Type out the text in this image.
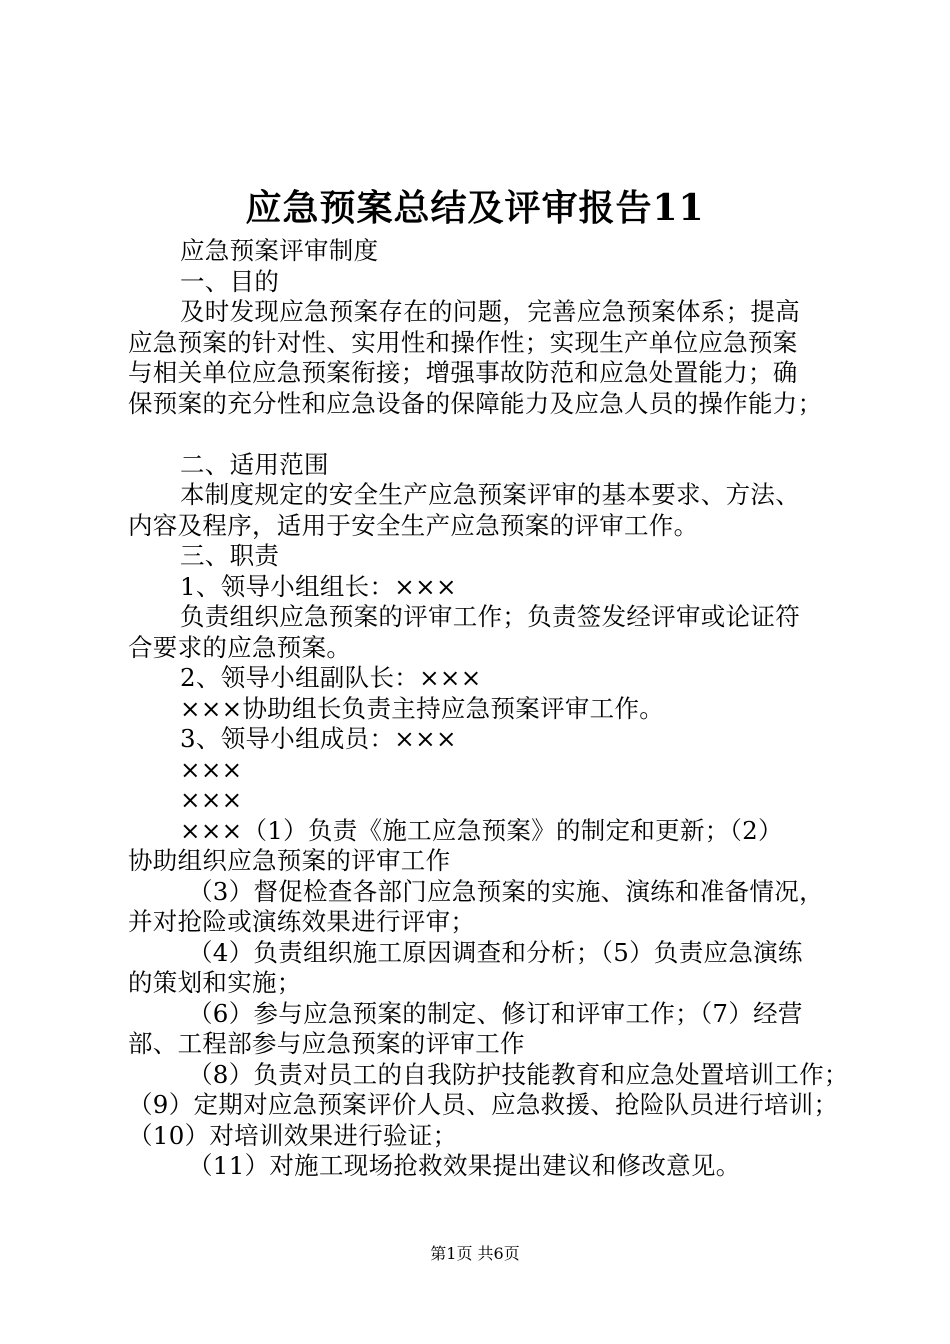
应急预案总结及评审报告11
应急预案评审制度
一、目的
及时发现应急预案存在的问题，完善应急预案体系；提高
应急预案的针对性、实用性和操作性；实现生产单位应急预案
与相关单位应急预案衔接；增强事故防范和应急处置能力；确
保预案的充分性和应急设备的保障能力及应急人员的操作能力；
二、适用范围
本制度规定的安全生产应急预案评审的基本要求、方法、
内容及程序，适用于安全生产应急预案的评审工作。
三、职责
1、领导小组组长：×××
负责组织应急预案的评审工作；负责签发经评审或论证符
合要求的应急预案。
2、领导小组副队长：×××
×××协助组长负责主持应急预案评审工作。
3、领导小组成员：×××
×××
×××
×××（1）负责《施工应急预案》的制定和更新；（2）
协助组织应急预案的评审工作
（3）督促检查各部门应急预案的实施、演练和准备情况，
并对抢险或演练效果进行评审；
（4）负责组织施工原因调查和分析；（5）负责应急演练
的策划和实施；
（6）参与应急预案的制定、修订和评审工作；（7）经营
部、工程部参与应急预案的评审工作
（8）负责对员工的自我防护技能教育和应急处置培训工作；
（9）定期对应急预案评价人员、应急救援、抢险队员进行培训；
（10）对培训效果进行验证；
（11）对施工现场抢救效果提出建议和修改意见。
第1页 共6页
